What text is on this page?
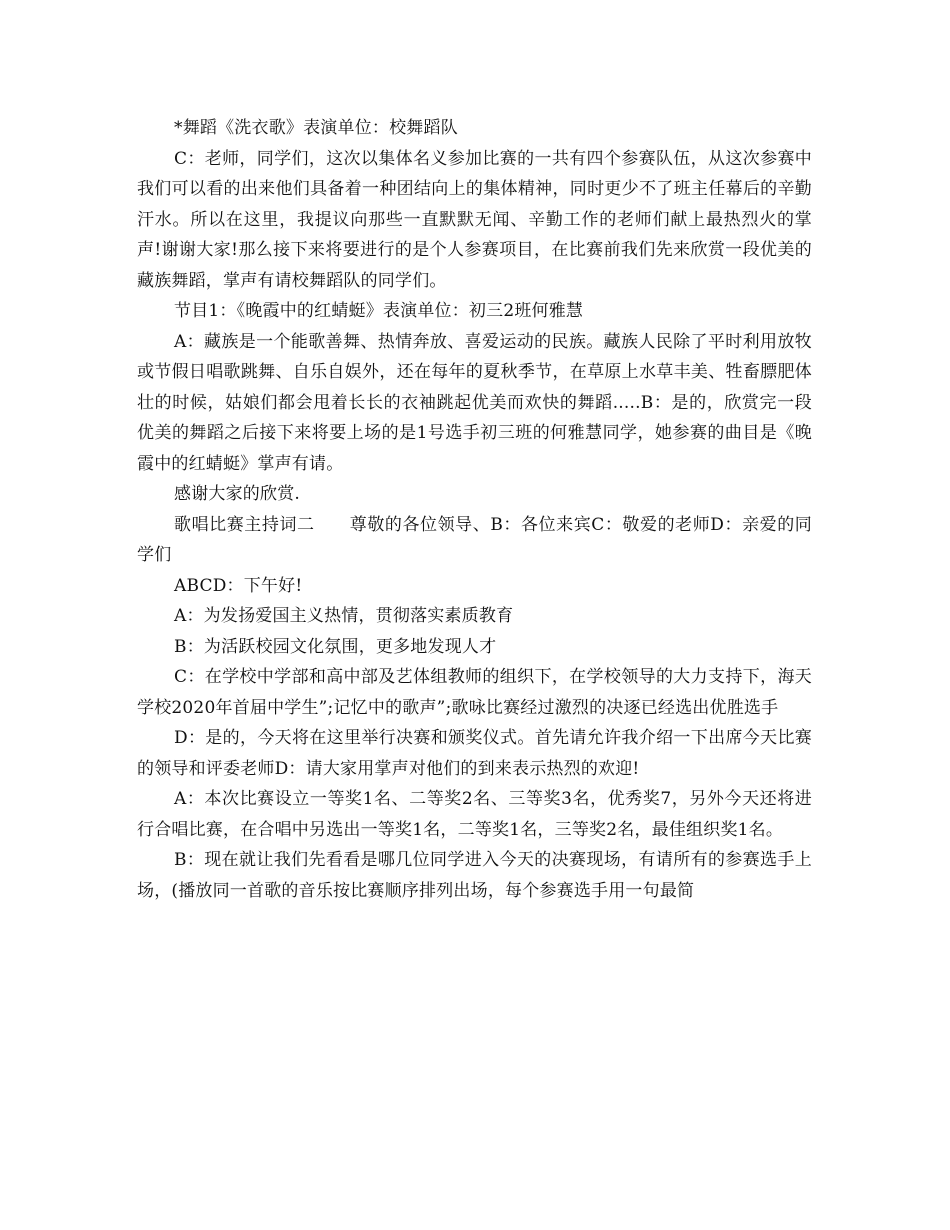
*舞蹈《洗衣歌》表演单位：校舞蹈队

C：老师，同学们，这次以集体名义参加比赛的一共有四个参赛队伍，从这次参赛中我们可以看的出来他们具备着一种团结向上的集体精神，同时更少不了班主任幕后的辛勤汗水。所以在这里，我提议向那些一直默默无闻、辛勤工作的老师们献上最热烈火的掌声!谢谢大家!那么接下来将要进行的是个人参赛项目，在比赛前我们先来欣赏一段优美的藏族舞蹈，掌声有请校舞蹈队的同学们。

节目1：《晚霞中的红蜻蜓》表演单位：初三2班何雅慧

A：藏族是一个能歌善舞、热情奔放、喜爱运动的民族。藏族人民除了平时利用放牧或节假日唱歌跳舞、自乐自娱外，还在每年的夏秋季节，在草原上水草丰美、牲畜膘肥体壮的时候，姑娘们都会甩着长长的衣袖跳起优美而欢快的舞蹈.....B：是的，欣赏完一段优美的舞蹈之后接下来将要上场的是1号选手初三班的何雅慧同学，她参赛的曲目是《晚霞中的红蜻蜓》掌声有请。

感谢大家的欣赏.

歌唱比赛主持词二　　尊敬的各位领导、B：各位来宾C：敬爱的老师D：亲爱的同学们

ABCD：下午好!

A：为发扬爱国主义热情，贯彻落实素质教育

B：为活跃校园文化氛围，更多地发现人才

C：在学校中学部和高中部及艺体组教师的组织下，在学校领导的大力支持下，海天学校2020年首届中学生”;记忆中的歌声”;歌咏比赛经过激烈的决逐已经选出优胜选手

D：是的，今天将在这里举行决赛和颁奖仪式。首先请允许我介绍一下出席今天比赛的领导和评委老师D：请大家用掌声对他们的到来表示热烈的欢迎!

A：本次比赛设立一等奖1名、二等奖2名、三等奖3名，优秀奖7，另外今天还将进行合唱比赛，在合唱中另选出一等奖1名，二等奖1名，三等奖2名，最佳组织奖1名。

B：现在就让我们先看看是哪几位同学进入今天的决赛现场，有请所有的参赛选手上场，(播放同一首歌的音乐按比赛顺序排列出场，每个参赛选手用一句最简
